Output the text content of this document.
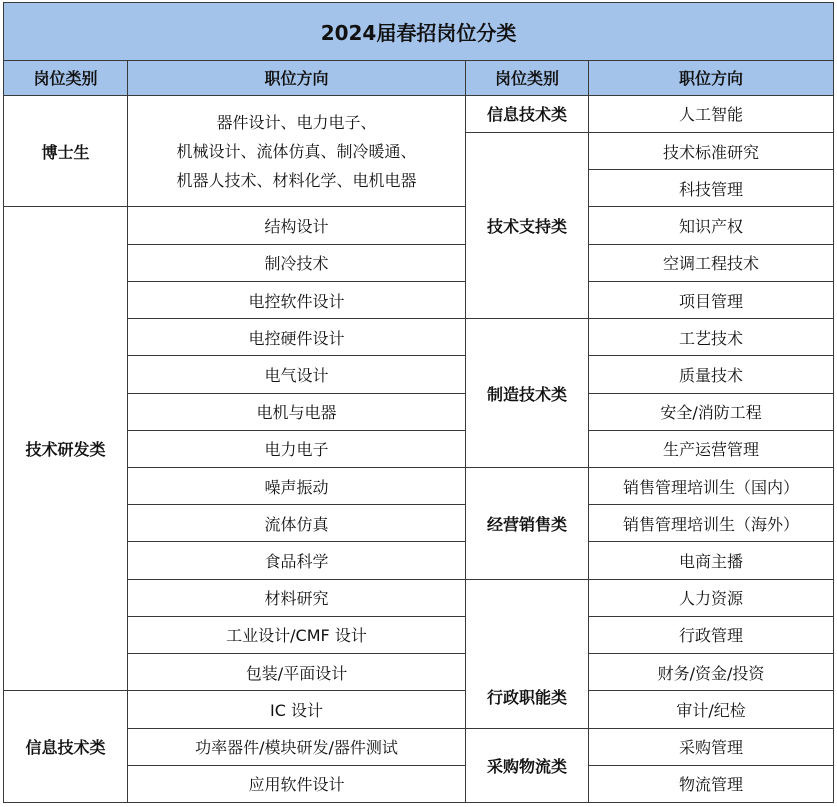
2024届春招岗位分类			
岗位类别	职位方向	岗位类别	职位方向
博士生	器件设计、电力电子、
机械设计、流体仿真、制冷暖通、
机器人技术、材料化学、电机电器	信息技术类	人工智能
		技术支持类	技术标准研究
			科技管理
技术研发类	结构设计		知识产权
	制冷技术		空调工程技术
	电控软件设计		项目管理
	电控硬件设计	制造技术类	工艺技术
	电气设计		质量技术
	电机与电器		安全/消防工程
	电力电子		生产运营管理
	噪声振动	经营销售类	销售管理培训生（国内）
	流体仿真		销售管理培训生（海外）
	食品科学		电商主播
	材料研究	行政职能类	人力资源
	工业设计/CMF 设计		行政管理
	包装/平面设计		财务/资金/投资
信息技术类	IC 设计		审计/纪检
	功率器件/模块研发/器件测试	采购物流类	采购管理
	应用软件设计		物流管理
